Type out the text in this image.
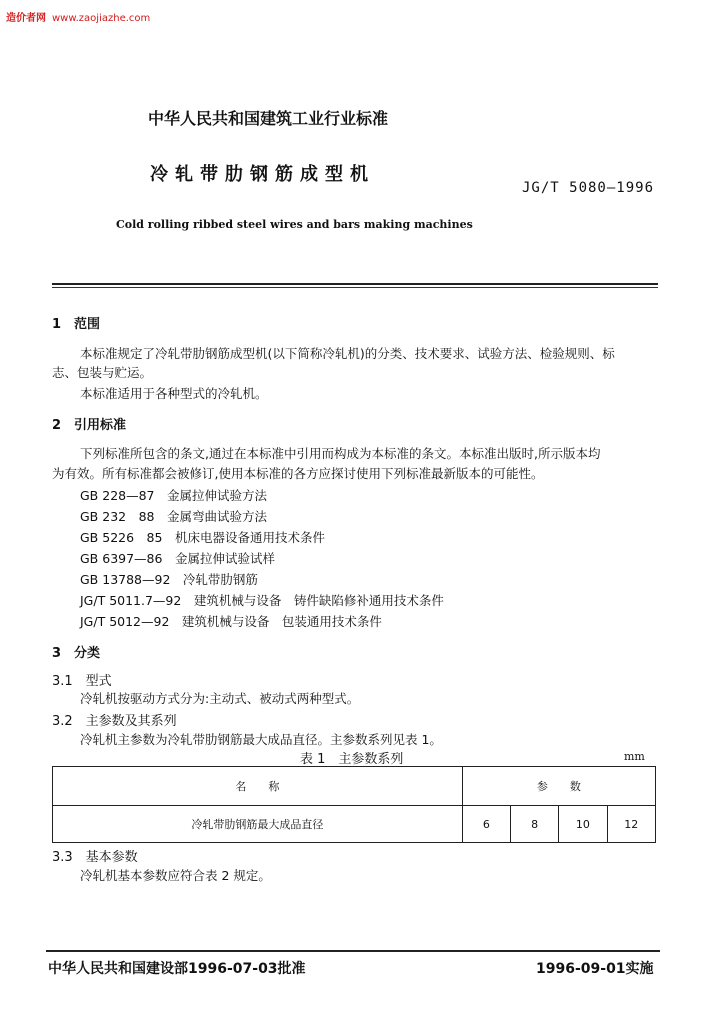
造价者网 www.zaojiazhe.com
中华人民共和国建筑工业行业标准
冷轧带肋钢筋成型机
JG/T 5080—1996
Cold rolling ribbed steel wires and bars making machines
1　范围
本标准规定了冷轧带肋钢筋成型机(以下简称冷轧机)的分类、技术要求、试验方法、检验规则、标
志、包装与贮运。
本标准适用于各种型式的冷轧机。
2　引用标准
下列标准所包含的条文,通过在本标准中引用而构成为本标准的条文。本标准出版时,所示版本均
为有效。所有标准都会被修订,使用本标准的各方应探讨使用下列标准最新版本的可能性。
GB 228—87　金属拉伸试验方法
GB 232　88　金属弯曲试验方法
GB 5226　85　机床电器设备通用技术条件
GB 6397—86　金属拉伸试验试样
GB 13788—92　冷轧带肋钢筋
JG/T 5011.7—92　建筑机械与设备　铸件缺陷修补通用技术条件
JG/T 5012—92　建筑机械与设备　包装通用技术条件
3　分类
3.1　型式
冷轧机按驱动方式分为:主动式、被动式两种型式。
3.2　主参数及其系列
冷轧机主参数为冷轧带肋钢筋最大成品直径。主参数系列见表 1。
表 1　主参数系列	mm
名　　称	参　　数			
冷轧带肋钢筋最大成品直径	6	8	10	12
3.3　基本参数
冷轧机基本参数应符合表 2 规定。
中华人民共和国建设部1996-07-03批准	1996-09-01实施
